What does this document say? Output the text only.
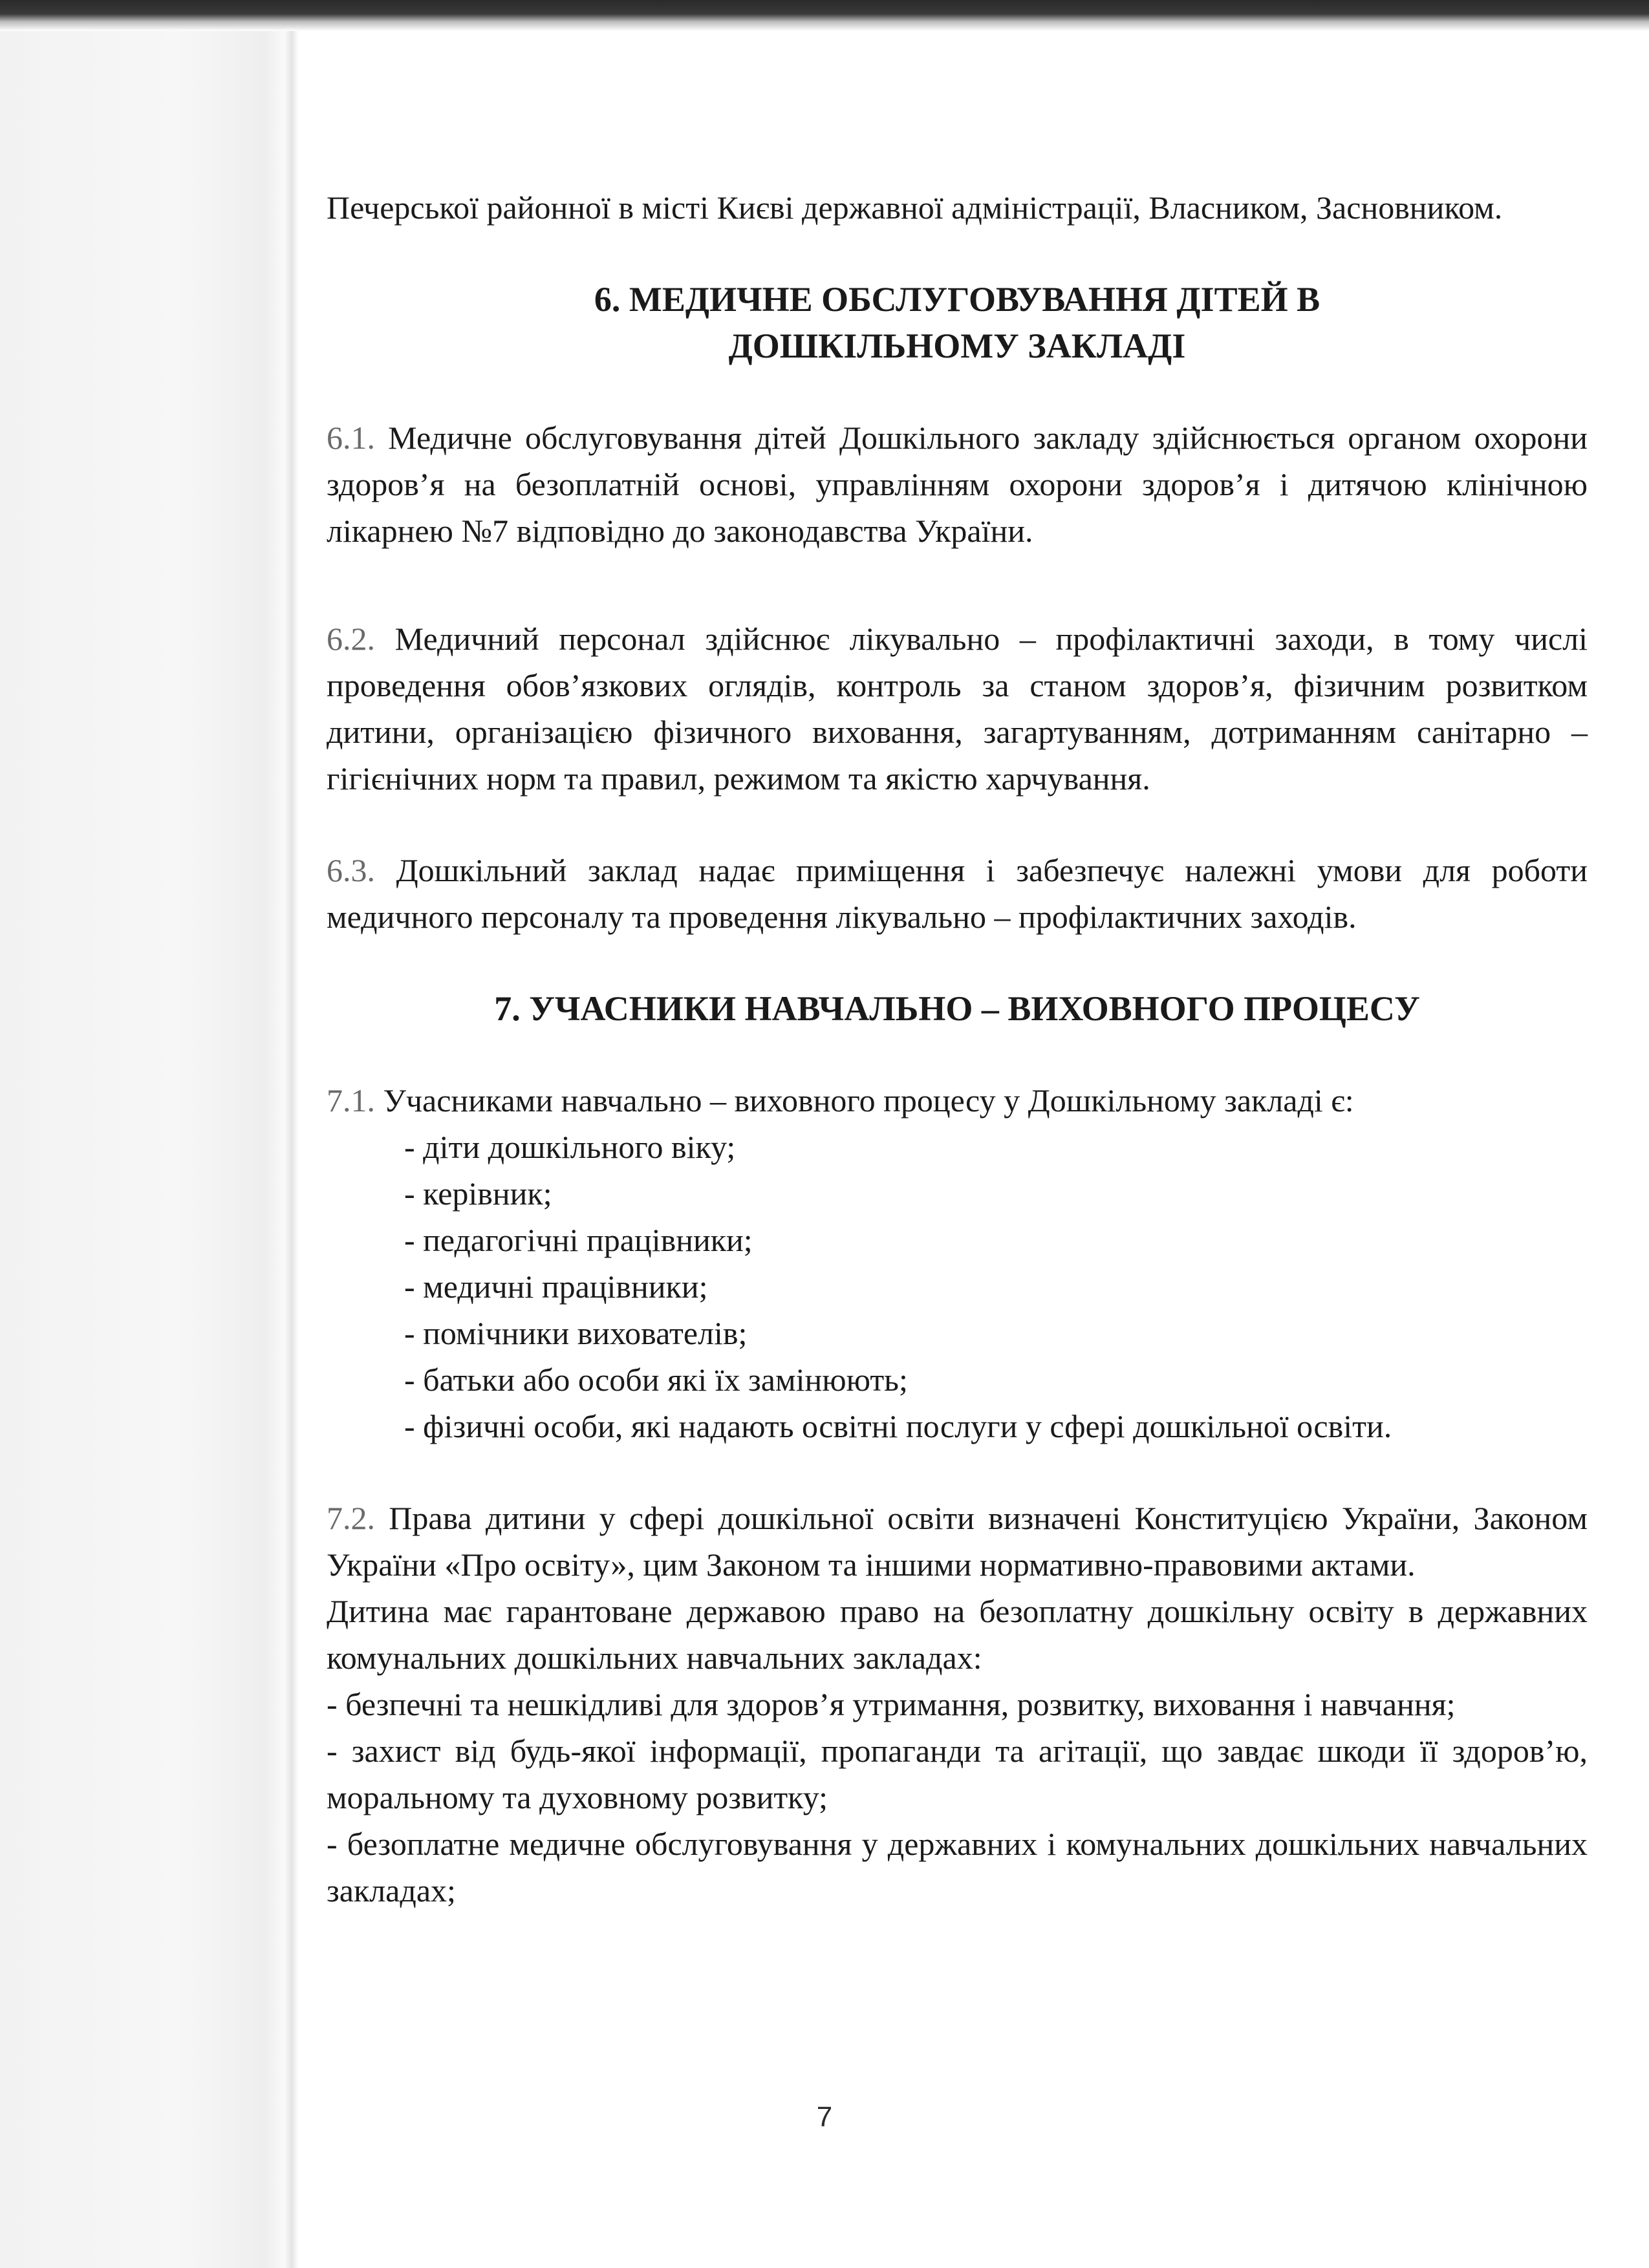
Печерської районної в місті Києві державної адміністрації, Власником, Засновником.

6. МЕДИЧНЕ ОБСЛУГОВУВАННЯ ДІТЕЙ В
ДОШКІЛЬНОМУ ЗАКЛАДІ

6.1. Медичне обслуговування дітей Дошкільного закладу здійснюється органом охорони здоров’я на безоплатній основі, управлінням охорони здоров’я і дитячою клінічною лікарнею №7 відповідно до законодавства України.

6.2. Медичний персонал здійснює лікувально – профілактичні заходи, в тому числі проведення обов’язкових оглядів, контроль за станом здоров’я, фізичним розвитком дитини, організацією фізичного виховання, загартуванням, дотриманням санітарно – гігієнічних норм та правил, режимом та якістю харчування.

6.3. Дошкільний заклад надає приміщення і забезпечує належні умови для роботи медичного персоналу та проведення лікувально – профілактичних заходів.

7. УЧАСНИКИ НАВЧАЛЬНО – ВИХОВНОГО ПРОЦЕСУ

7.1. Учасниками навчально – виховного процесу у Дошкільному закладі є:

- діти дошкільного віку;
- керівник;
- педагогічні працівники;
- медичні працівники;
- помічники вихователів;
- батьки або особи які їх замінюють;
- фізичні особи, які надають освітні послуги у сфері дошкільної освіти.

7.2. Права дитини у сфері дошкільної освіти визначені Конституцією України, Законом України «Про освіту», цим Законом та іншими нормативно-правовими актами.

Дитина має гарантоване державою право на безоплатну дошкільну освіту в державних комунальних дошкільних навчальних закладах:

- безпечні та нешкідливі для здоров’я утримання, розвитку, виховання і навчання;

- захист від будь-якої інформації, пропаганди та агітації, що завдає шкоди її здоров’ю, моральному та духовному розвитку;

- безоплатне медичне обслуговування у державних і комунальних дошкільних навчальних закладах;

7
